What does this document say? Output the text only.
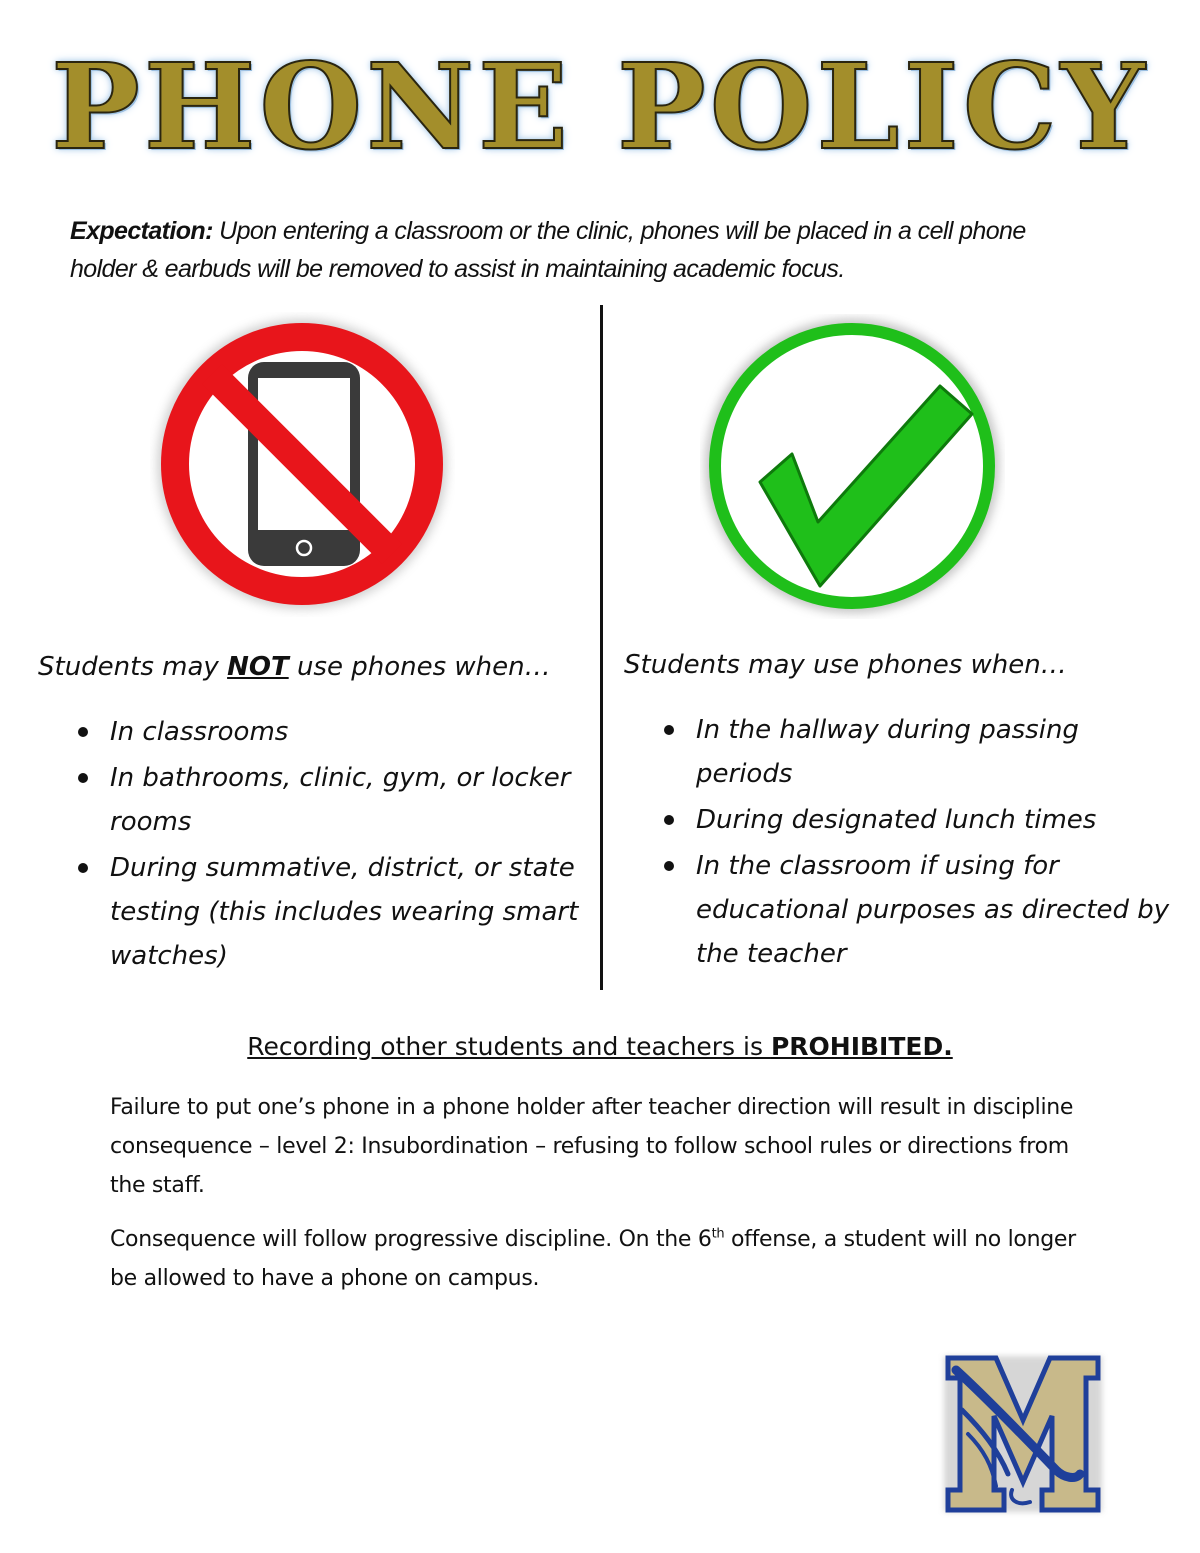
PHONE POLICY
Expectation: Upon entering a classroom or the clinic, phones will be placed in a cell phone holder & earbuds will be removed to assist in maintaining academic focus.
Students may NOT use phones when…	Students may use phones when…
In classrooms
In bathrooms, clinic, gym, or locker rooms
During summative, district, or state testing (this includes wearing smart watches)
In the hallway during passing periods
During designated lunch times
In the classroom if using for educational purposes as directed by the teacher
Recording other students and teachers is PROHIBITED.
Failure to put one’s phone in a phone holder after teacher direction will result in discipline consequence – level 2: Insubordination – refusing to follow school rules or directions from the staff.
Consequence will follow progressive discipline. On the 6th offense, a student will no longer be allowed to have a phone on campus.
